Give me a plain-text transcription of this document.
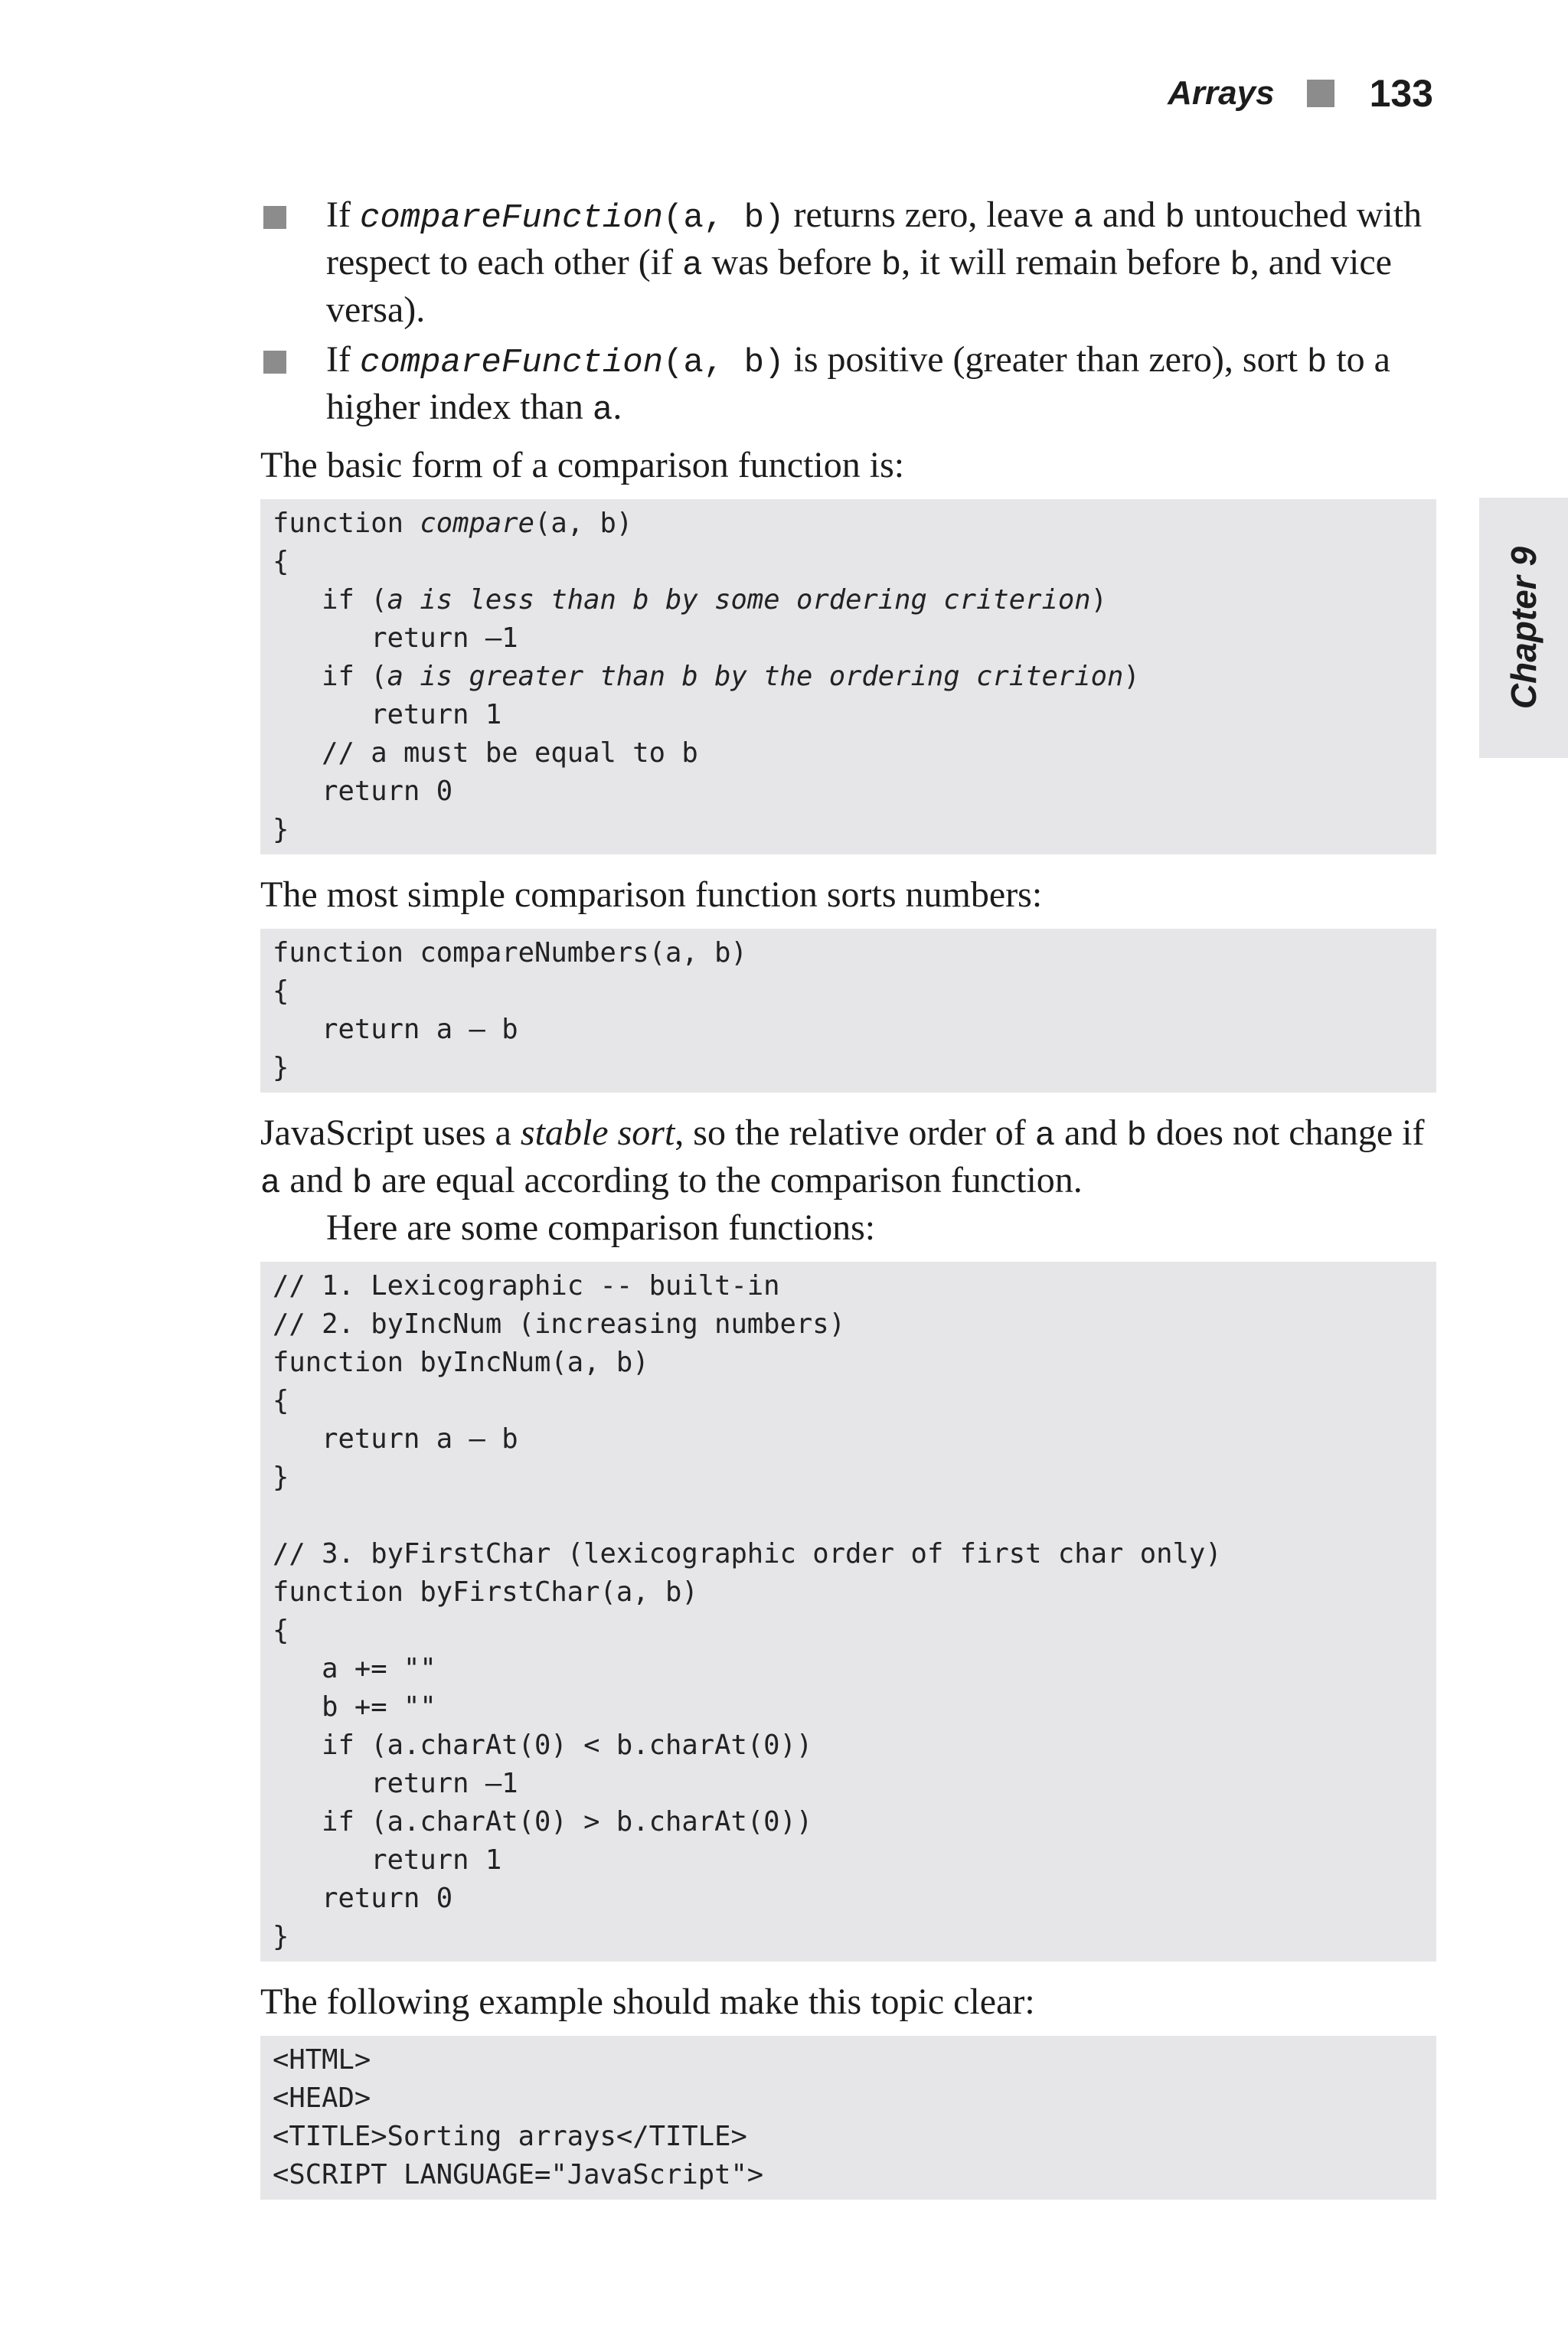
Arrays 133
Chapter 9
If compareFunction(a, b) returns zero, leave a and b untouched with respect to each other (if a was before b, it will remain before b, and vice versa).
If compareFunction(a, b) is positive (greater than zero), sort b to a higher index than a.

The basic form of a comparison function is:

function compare(a, b)
{
if (a is less than b by some ordering criterion)
return –1
if (a is greater than b by the ordering criterion)
return 1
// a must be equal to b
return 0
}

The most simple comparison function sorts numbers:

function compareNumbers(a, b)
{
return a – b
}

JavaScript uses a stable sort, so the relative order of a and b does not change if a and b are equal according to the comparison function.

Here are some comparison functions:

// 1. Lexicographic -- built-in
// 2. byIncNum (increasing numbers)
function byIncNum(a, b)
{
return a – b
}
// 3. byFirstChar (lexicographic order of first char only)
function byFirstChar(a, b)
{
a += ""
b += ""
if (a.charAt(0) < b.charAt(0))
return –1
if (a.charAt(0) > b.charAt(0))
return 1
return 0
}

The following example should make this topic clear:

<HTML>
<HEAD>
<TITLE>Sorting arrays</TITLE>
<SCRIPT LANGUAGE="JavaScript">
